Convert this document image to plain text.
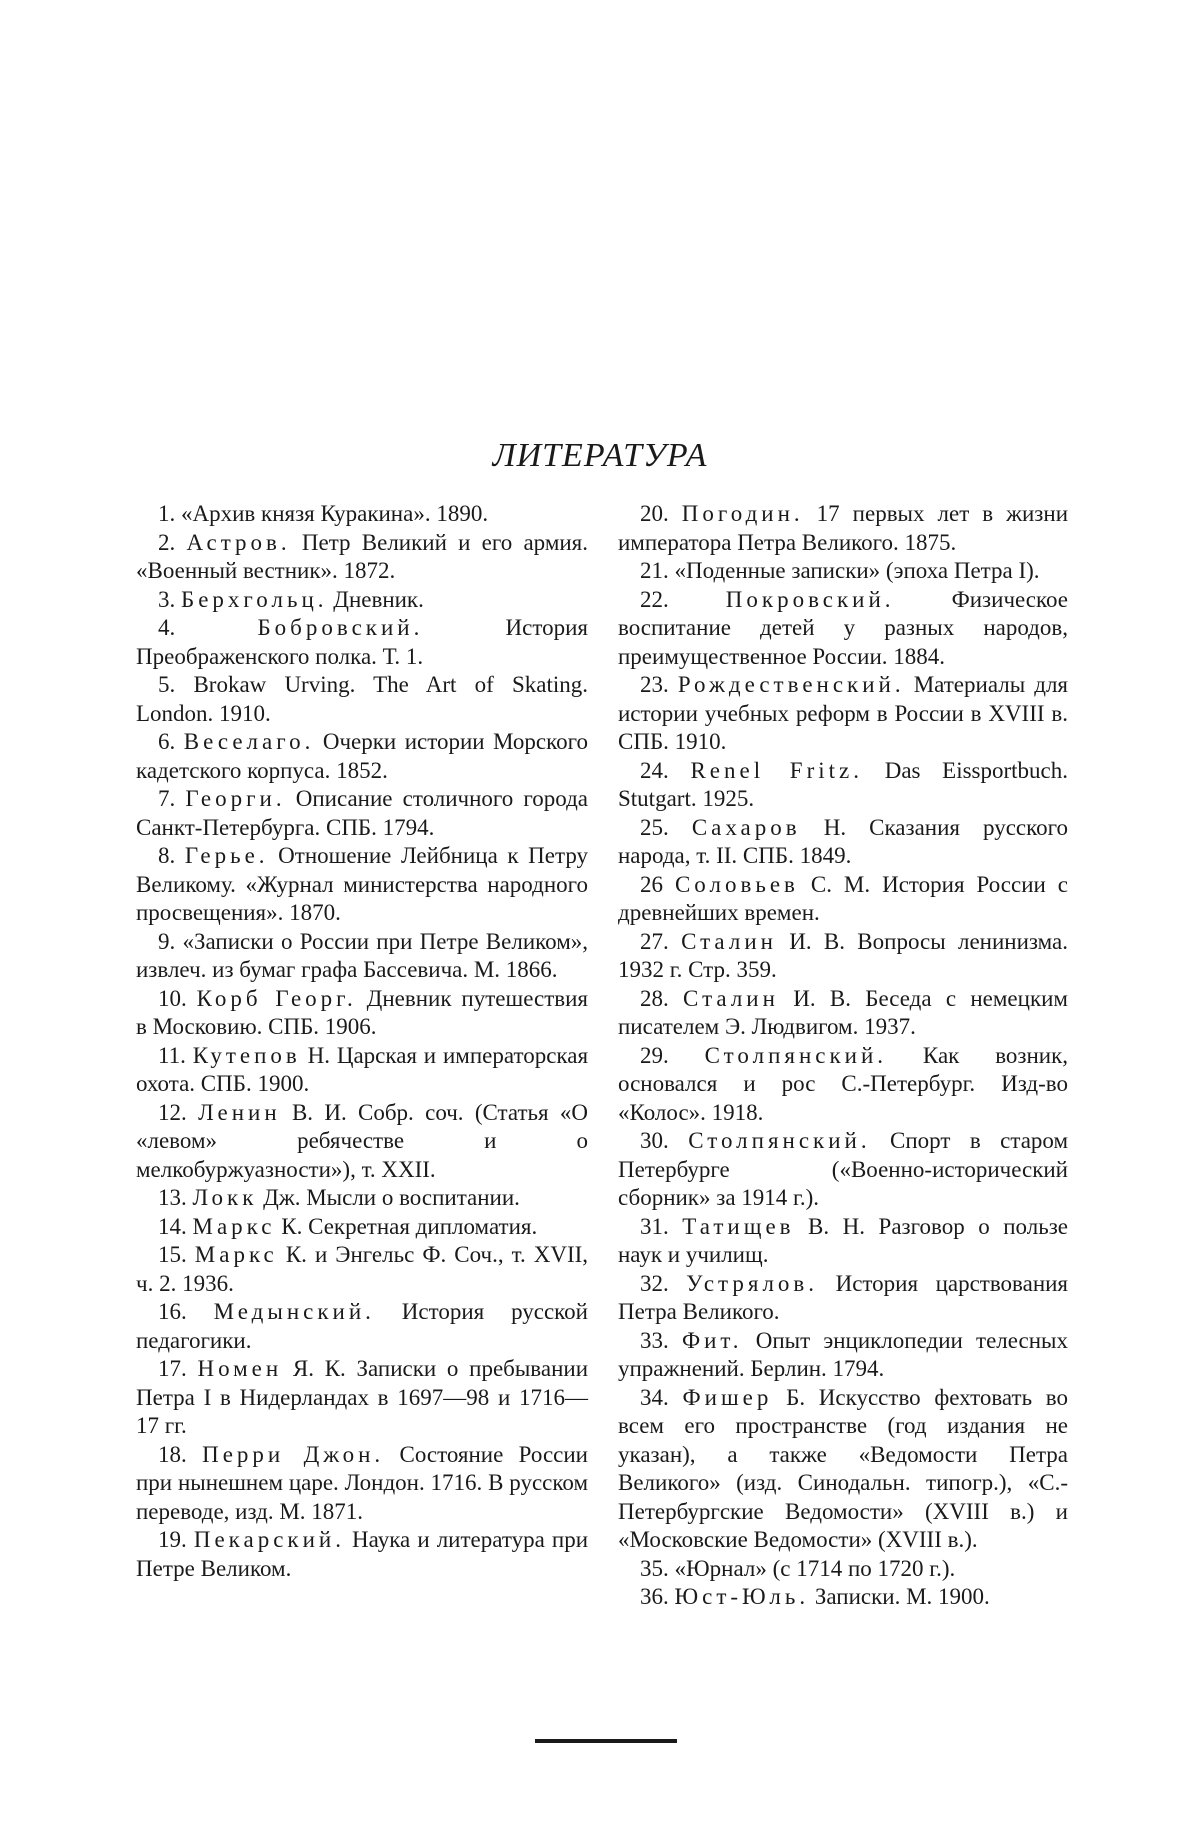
ЛИТЕРАТУРА
1. «Архив князя Куракина». 1890.
2. Астров. Петр Великий и его армия. «Военный вестник». 1872.
3. Берхгольц. Дневник.
4.	Бобровский.	История Преображенского полка. Т. 1.
5. Brokaw Urving. The Art of Skating. London. 1910.
6. Веселаго. Очерки истории Морского кадетского корпуса. 1852.
7. Георги. Описание столичного города Санкт-Петербурга. СПБ. 1794.
8. Герье. Отношение Лейбница к Петру Великому. «Журнал министерства народного просвещения». 1870.
9. «Записки о России при Петре Великом», извлеч. из бумаг графа Бассевича. М. 1866.
10. Корб Георг. Дневник путешествия в Московию. СПБ. 1906.
11. Кутепов Н. Царская и императорская охота. СПБ. 1900.
12. Ленин В. И. Собр. соч. (Статья «О «левом» ребячестве и о мелкобуржуазности»), т. XXII.
13. Локк Дж. Мысли о воспитании.
14. Маркс К. Секретная дипломатия.
15. Маркс К. и Энгельс Ф. Соч., т. XVII, ч. 2. 1936.
16. Медынский. История русской педагогики.
17. Номен Я. К. Записки о пребывании Петра I в Нидерландах в 1697—98 и 1716—17 гг.
18. Перри Джон. Состояние России при нынешнем царе. Лондон. 1716. В русском переводе, изд. М. 1871.
19. Пекарский. Наука и литература при Петре Великом.
20. Погодин. 17 первых лет в жизни императора Петра Великого. 1875.
21. «Поденные записки» (эпоха Петра I).
22. Покровский. Физическое воспитание детей у разных народов, преимущественное России. 1884.
23. Рождественский. Материалы для истории учебных реформ в России в XVIII в. СПБ. 1910.
24. Renel Fritz. Das Eissportbuch. Stutgart. 1925.
25. Сахаров Н. Сказания русского народа, т. II. СПБ. 1849.
26 Соловьев С. М. История России с древнейших времен.
27. Сталин И. В. Вопросы ленинизма. 1932 г. Стр. 359.
28. Сталин И. В. Беседа с немецким писателем Э. Людвигом. 1937.
29. Столпянский. Как возник, основался и рос С.-Петербург. Изд-во «Колос». 1918.
30. Столпянский. Спорт в старом Петербурге («Военно-исторический сборник» за 1914 г.).
31. Татищев В. Н. Разговор о пользе наук и училищ.
32. Устрялов. История царствования Петра Великого.
33. Фит. Опыт энциклопедии телесных упражнений. Берлин. 1794.
34. Фишер Б. Искусство фехтовать во всем его пространстве (год издания не указан), а также «Ведомости Петра Великого» (изд. Синодальн. типогр.), «С.-Петербургские Ведомости» (XVIII в.) и «Московские Ведомости» (XVIII в.).
35. «Юрнал» (с 1714 по 1720 г.).
36. Юст-Юль. Записки. М. 1900.
